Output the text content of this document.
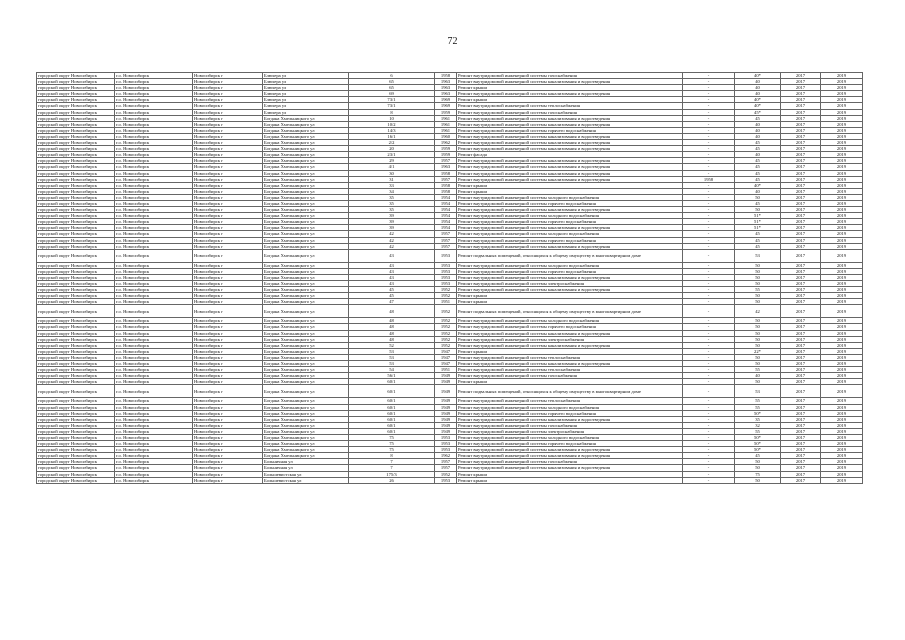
72
городской округ Новосибирск	г.о. Новосибирск	Новосибирск г	Блюхера ул	6	1958	Ремонт внутридомовой инженерной системы газоснабжения	-	40*	2017	2019
городской округ Новосибирск	г.о. Новосибирск	Новосибирск г	Блюхера ул	65	1963	Ремонт внутридомовой инженерной системы канализования и водоотведения	-	40	2017	2019
городской округ Новосибирск	г.о. Новосибирск	Новосибирск г	Блюхера ул	65	1963	Ремонт крыши	-	40	2017	2019
городской округ Новосибирск	г.о. Новосибирск	Новосибирск г	Блюхера ул	69	1963	Ремонт внутридомовой инженерной системы канализования и водоотведения	-	40	2017	2019
городской округ Новосибирск	г.о. Новосибирск	Новосибирск г	Блюхера ул	73/1	1969	Ремонт крыши	-	40*	2017	2019
городской округ Новосибирск	г.о. Новосибирск	Новосибирск г	Блюхера ул	73/1	1969	Ремонт внутридомовой инженерной системы теплоснабжения	-	40*	2017	2019
городской округ Новосибирск	г.о. Новосибирск	Новосибирск г	Блюхера ул	8	1959	Ремонт внутридомовой инженерной системы газоснабжения	-	45*	2017	2019
городской округ Новосибирск	г.о. Новосибирск	Новосибирск г	Богдана Хмельницкого ул	10	1961	Ремонт внутридомовой инженерной системы канализования и водоотведения	-	45	2017	2019
городской округ Новосибирск	г.о. Новосибирск	Новосибирск г	Богдана Хмельницкого ул	10/2	1961	Ремонт внутридомовой инженерной системы канализования и водоотведения	-	40	2017	2019
городской округ Новосибирск	г.о. Новосибирск	Новосибирск г	Богдана Хмельницкого ул	14/3	1961	Ремонт внутридомовой инженерной системы горячего водоснабжения	-	40	2017	2019
городской округ Новосибирск	г.о. Новосибирск	Новосибирск г	Богдана Хмельницкого ул	16/1	1960	Ремонт внутридомовой инженерной системы канализования и водоотведения	-	40	2017	2019
городской округ Новосибирск	г.о. Новосибирск	Новосибирск г	Богдана Хмельницкого ул	2/2	1962	Ремонт внутридомовой инженерной системы канализования и водоотведения	-	45	2017	2019
городской округ Новосибирск	г.о. Новосибирск	Новосибирск г	Богдана Хмельницкого ул	20	1959	Ремонт внутридомовой инженерной системы канализования и водоотведения	-	45	2017	2019
городской округ Новосибирск	г.о. Новосибирск	Новосибирск г	Богдана Хмельницкого ул	23/1	1959	Ремонт фасада	-	40	2017	2019
городской округ Новосибирск	г.о. Новосибирск	Новосибирск г	Богдана Хмельницкого ул	29	1957	Ремонт внутридомовой инженерной системы канализования и водоотведения	-	45	2017	2019
городской округ Новосибирск	г.о. Новосибирск	Новосибирск г	Богдана Хмельницкого ул	4/1	1963	Ремонт внутридомовой инженерной системы канализования и водоотведения	-	45	2017	2019
городской округ Новосибирск	г.о. Новосибирск	Новосибирск г	Богдана Хмельницкого ул	30	1958	Ремонт внутридомовой инженерной системы канализования и водоотведения	-	45	2017	2019
городской округ Новосибирск	г.о. Новосибирск	Новосибирск г	Богдана Хмельницкого ул	31	1957	Ремонт внутридомовой инженерной системы канализования и водоотведения	1958	45	2017	2019
городской округ Новосибирск	г.о. Новосибирск	Новосибирск г	Богдана Хмельницкого ул	33	1958	Ремонт крыши	-	40*	2017	2019
городской округ Новосибирск	г.о. Новосибирск	Новосибирск г	Богдана Хмельницкого ул	34	1958	Ремонт крыши	-	40	2017	2019
городской округ Новосибирск	г.о. Новосибирск	Новосибирск г	Богдана Хмельницкого ул	35	1954	Ремонт внутридомовой инженерной системы холодного водоснабжения	-	50	2017	2019
городской округ Новосибирск	г.о. Новосибирск	Новосибирск г	Богдана Хмельницкого ул	35	1954	Ремонт внутридомовой инженерной системы горячего водоснабжения	-	45	2017	2019
городской округ Новосибирск	г.о. Новосибирск	Новосибирск г	Богдана Хмельницкого ул	35	1954	Ремонт внутридомовой инженерной системы канализования и водоотведения	-	50	2017	2019
городской округ Новосибирск	г.о. Новосибирск	Новосибирск г	Богдана Хмельницкого ул	39	1954	Ремонт внутридомовой инженерной системы холодного водоснабжения	-	51*	2017	2019
городской округ Новосибирск	г.о. Новосибирск	Новосибирск г	Богдана Хмельницкого ул	39	1954	Ремонт внутридомовой инженерной системы горячего водоснабжения	-	51*	2017	2019
городской округ Новосибирск	г.о. Новосибирск	Новосибирск г	Богдана Хмельницкого ул	39	1954	Ремонт внутридомовой инженерной системы канализования и водоотведения	-	51*	2017	2019
городской округ Новосибирск	г.о. Новосибирск	Новосибирск г	Богдана Хмельницкого ул	42	1957	Ремонт внутридомовой инженерной системы холодного водоснабжения	-	45	2017	2019
городской округ Новосибирск	г.о. Новосибирск	Новосибирск г	Богдана Хмельницкого ул	42	1957	Ремонт внутридомовой инженерной системы горячего водоснабжения	-	45	2017	2019
городской округ Новосибирск	г.о. Новосибирск	Новосибирск г	Богдана Хмельницкого ул	42	1957	Ремонт внутридомовой инженерной системы канализования и водоотведения	-	45	2017	2019
городской округ Новосибирск	г.о. Новосибирск	Новосибирск г	Богдана Хмельницкого ул	43	1953	Ремонт подвальных помещений, относящихся к общему имуществу в многоквартирном доме	-	53	2017	2019
городской округ Новосибирск	г.о. Новосибирск	Новосибирск г	Богдана Хмельницкого ул	43	1953	Ремонт внутридомовой инженерной системы холодного водоснабжения	-	50	2017	2019
городской округ Новосибирск	г.о. Новосибирск	Новосибирск г	Богдана Хмельницкого ул	43	1953	Ремонт внутридомовой инженерной системы горячего водоснабжения	-	50	2017	2019
городской округ Новосибирск	г.о. Новосибирск	Новосибирск г	Богдана Хмельницкого ул	43	1953	Ремонт внутридомовой инженерной системы канализования и водоотведения	-	50	2017	2019
городской округ Новосибирск	г.о. Новосибирск	Новосибирск г	Богдана Хмельницкого ул	43	1953	Ремонт внутридомовой инженерной системы электроснабжения	-	50	2017	2019
городской округ Новосибирск	г.о. Новосибирск	Новосибирск г	Богдана Хмельницкого ул	45	1952	Ремонт внутридомовой инженерной системы канализования и водоотведения	-	55	2017	2019
городской округ Новосибирск	г.о. Новосибирск	Новосибирск г	Богдана Хмельницкого ул	45	1952	Ремонт крыши	-	50	2017	2019
городской округ Новосибирск	г.о. Новосибирск	Новосибирск г	Богдана Хмельницкого ул	47	1951	Ремонт крыши	-	50	2017	2019
городской округ Новосибирск	г.о. Новосибирск	Новосибирск г	Богдана Хмельницкого ул	48	1952	Ремонт подвальных помещений, относящихся к общему имуществу в многоквартирном доме	-	42	2017	2019
городской округ Новосибирск	г.о. Новосибирск	Новосибирск г	Богдана Хмельницкого ул	48	1952	Ремонт внутридомовой инженерной системы холодного водоснабжения	-	50	2017	2019
городской округ Новосибирск	г.о. Новосибирск	Новосибирск г	Богдана Хмельницкого ул	48	1952	Ремонт внутридомовой инженерной системы горячего водоснабжения	-	50	2017	2019
городской округ Новосибирск	г.о. Новосибирск	Новосибирск г	Богдана Хмельницкого ул	48	1952	Ремонт внутридомовой инженерной системы канализования и водоотведения	-	50	2017	2019
городской округ Новосибирск	г.о. Новосибирск	Новосибирск г	Богдана Хмельницкого ул	48	1952	Ремонт внутридомовой инженерной системы электроснабжения	-	50	2017	2019
городской округ Новосибирск	г.о. Новосибирск	Новосибирск г	Богдана Хмельницкого ул	52	1952	Ремонт внутридомовой инженерной системы канализования и водоотведения	-	50	2017	2019
городской округ Новосибирск	г.о. Новосибирск	Новосибирск г	Богдана Хмельницкого ул	53	1947	Ремонт крыши	-	22*	2017	2019
городской округ Новосибирск	г.о. Новосибирск	Новосибирск г	Богдана Хмельницкого ул	53	1947	Ремонт внутридомовой инженерной системы теплоснабжения	-	50	2017	2019
городской округ Новосибирск	г.о. Новосибирск	Новосибирск г	Богдана Хмельницкого ул	53	1947	Ремонт внутридомовой инженерной системы канализования и водоотведения	-	50	2017	2019
городской округ Новосибирск	г.о. Новосибирск	Новосибирск г	Богдана Хмельницкого ул	54	1951	Ремонт внутридомовой инженерной системы теплоснабжения	-	55	2017	2019
городской округ Новосибирск	г.о. Новосибирск	Новосибирск г	Богдана Хмельницкого ул	56/1	1949	Ремонт внутридомовой инженерной системы газоснабжения	-	40	2017	2019
городской округ Новосибирск	г.о. Новосибирск	Новосибирск г	Богдана Хмельницкого ул	60/1	1949	Ремонт крыши	-	50	2017	2019
городской округ Новосибирск	г.о. Новосибирск	Новосибирск г	Богдана Хмельницкого ул	60/1	1949	Ремонт подвальных помещений, относящихся к общему имуществу в многоквартирном доме	-	53	2017	2019
городской округ Новосибирск	г.о. Новосибирск	Новосибирск г	Богдана Хмельницкого ул	60/1	1949	Ремонт внутридомовой инженерной системы теплоснабжения	-	55	2017	2019
городской округ Новосибирск	г.о. Новосибирск	Новосибирск г	Богдана Хмельницкого ул	60/1	1949	Ремонт внутридомовой инженерной системы холодного водоснабжения	-	55	2017	2019
городской округ Новосибирск	г.о. Новосибирск	Новосибирск г	Богдана Хмельницкого ул	60/1	1949	Ремонт внутридомовой инженерной системы горячего водоснабжения	-	50*	2017	2019
городской округ Новосибирск	г.о. Новосибирск	Новосибирск г	Богдана Хмельницкого ул	60/1	1949	Ремонт внутридомовой инженерной системы канализования и водоотведения	-	35	2017	2019
городской округ Новосибирск	г.о. Новосибирск	Новосибирск г	Богдана Хмельницкого ул	60/1	1949	Ремонт внутридомовой инженерной системы газоснабжения	-	32	2017	2019
городской округ Новосибирск	г.о. Новосибирск	Новосибирск г	Богдана Хмельницкого ул	60/1	1949	Ремонт внутридомовой инженерной системы электроснабжения	-	55	2017	2019
городской округ Новосибирск	г.о. Новосибирск	Новосибирск г	Богдана Хмельницкого ул	75	1953	Ремонт внутридомовой инженерной системы холодного водоснабжения	-	50*	2017	2019
городской округ Новосибирск	г.о. Новосибирск	Новосибирск г	Богдана Хмельницкого ул	75	1953	Ремонт внутридомовой инженерной системы горячего водоснабжения	-	50*	2017	2019
городской округ Новосибирск	г.о. Новосибирск	Новосибирск г	Богдана Хмельницкого ул	75	1953	Ремонт внутридомовой инженерной системы канализования и водоотведения	-	50*	2017	2019
городской округ Новосибирск	г.о. Новосибирск	Новосибирск г	Богдана Хмельницкого ул	8	1962	Ремонт внутридомовой инженерной системы канализования и водоотведения	-	45	2017	2019
городской округ Новосибирск	г.о. Новосибирск	Новосибирск г	Больничная ул	7	1957	Ремонт внутридомовой инженерной системы газоснабжения	-	50	2017	2019
городской округ Новосибирск	г.о. Новосибирск	Новосибирск г	Больничная ул	7	1957	Ремонт внутридомовой инженерной системы канализования и водоотведения	-	50	2017	2019
городской округ Новосибирск	г.о. Новосибирск	Новосибирск г	Большевистская ул	175/3	1952	Ремонт крыши	-	75	2017	2019
городской округ Новосибирск	г.о. Новосибирск	Новосибирск г	Большевистская ул	26	1953	Ремонт крыши	-	50	2017	2019
